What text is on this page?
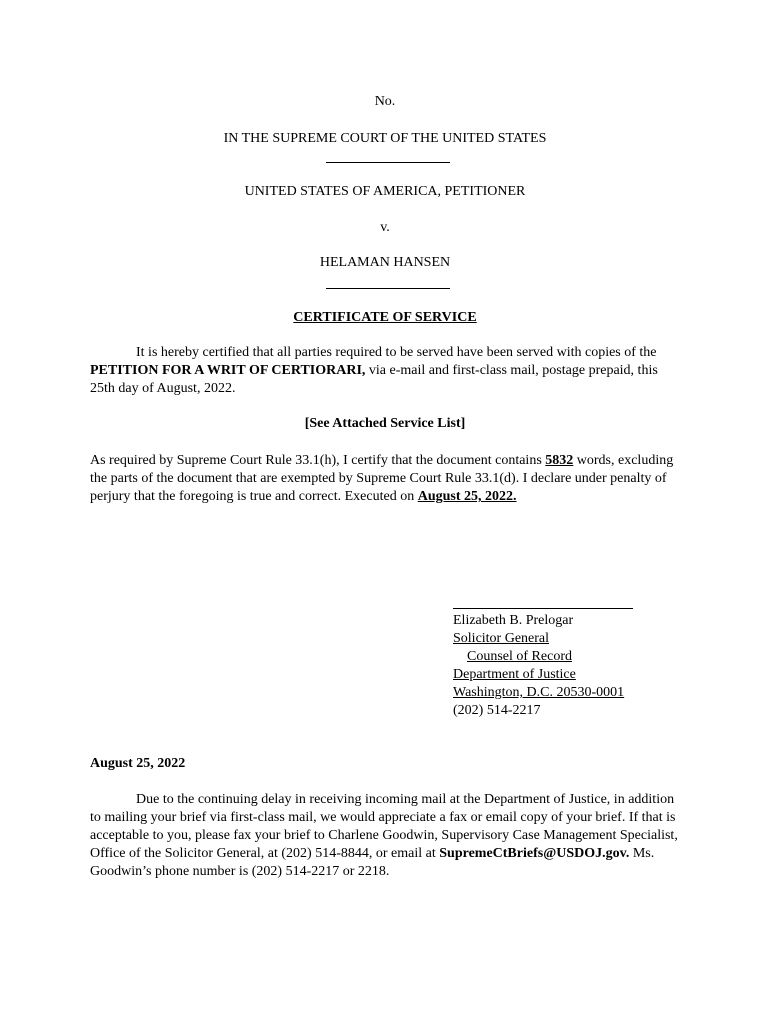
No.
IN THE SUPREME COURT OF THE UNITED STATES
UNITED STATES OF AMERICA, PETITIONER
v.
HELAMAN HANSEN
CERTIFICATE OF SERVICE
It is hereby certified that all parties required to be served have been served with copies of the PETITION FOR A WRIT OF CERTIORARI, via e-mail and first-class mail, postage prepaid, this 25th day of August, 2022.
[See Attached Service List]
As required by Supreme Court Rule 33.1(h), I certify that the document contains 5832 words, excluding the parts of the document that are exempted by Supreme Court Rule 33.1(d). I declare under penalty of perjury that the foregoing is true and correct. Executed on August 25, 2022.
Elizabeth B. Prelogar
Solicitor General
Counsel of Record
Department of Justice
Washington, D.C. 20530-0001
(202) 514-2217
August 25, 2022
Due to the continuing delay in receiving incoming mail at the Department of Justice, in addition to mailing your brief via first-class mail, we would appreciate a fax or email copy of your brief. If that is acceptable to you, please fax your brief to Charlene Goodwin, Supervisory Case Management Specialist, Office of the Solicitor General, at (202) 514-8844, or email at SupremeCtBriefs@USDOJ.gov. Ms. Goodwin’s phone number is (202) 514-2217 or 2218.
